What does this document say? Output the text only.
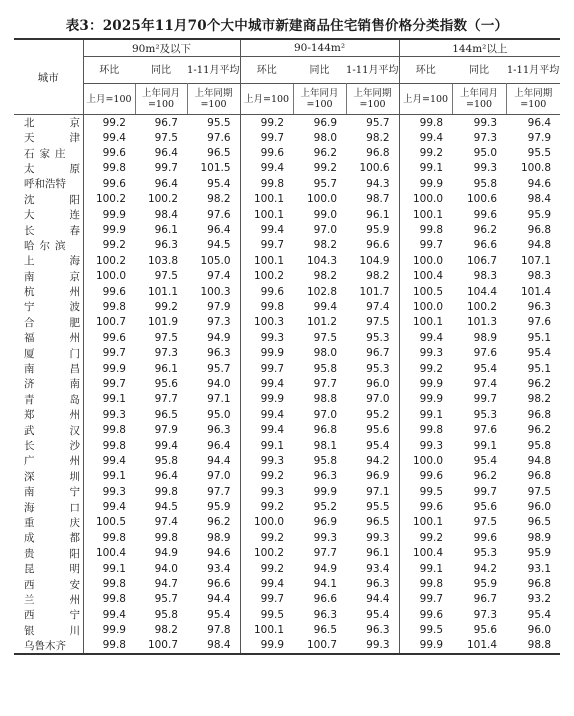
表3：2025年11月70个大中城市新建商品住宅销售价格分类指数（一）
城市	90m²及以下			90-144m²			144m²以上		
	环比	同比	1-11月平均	环比	同比	1-11月平均	环比	同比	1-11月平均
	上月=100	上年同月=100	上年同期=100	上月=100	上年同月=100	上年同期=100	上月=100	上年同月=100	上年同期=100

北 京	99.2	96.7	95.5	99.2	96.9	95.7	99.8	99.3	96.4

天 津	99.4	97.5	97.6	99.7	98.0	98.2	99.4	97.3	97.9
石家庄	99.6	96.4	96.5	99.6	96.2	96.8	99.2	95.0	95.5

太 原	99.8	99.7	101.5	99.4	99.2	100.6	99.1	99.3	100.8
呼和浩特	99.6	96.4	95.4	99.8	95.7	94.3	99.9	95.8	94.6

沈 阳	100.2	100.2	98.2	100.1	100.0	98.7	100.0	100.6	98.4

大 连	99.9	98.4	97.6	100.1	99.0	96.1	100.1	99.6	95.9

长 春	99.9	96.1	96.4	99.4	97.0	95.9	99.8	96.2	96.8
哈尔滨	99.2	96.3	94.5	99.7	98.2	96.6	99.7	96.6	94.8

上 海	100.2	103.8	105.0	100.1	104.3	104.9	100.0	106.7	107.1

南 京	100.0	97.5	97.4	100.2	98.2	98.2	100.4	98.3	98.3

杭 州	99.6	101.1	100.3	99.6	102.8	101.7	100.5	104.4	101.4

宁 波	99.8	99.2	97.9	99.8	99.4	97.4	100.0	100.2	96.3

合 肥	100.7	101.9	97.3	100.3	101.2	97.5	100.1	101.3	97.6

福 州	99.6	97.5	94.9	99.3	97.5	95.3	99.4	98.9	95.1

厦 门	99.7	97.3	96.3	99.9	98.0	96.7	99.3	97.6	95.4

南 昌	99.9	96.1	95.7	99.7	95.8	95.3	99.2	95.4	95.1

济 南	99.7	95.6	94.0	99.4	97.7	96.0	99.9	97.4	96.2

青 岛	99.1	97.7	97.1	99.9	98.8	97.0	99.9	99.7	98.2

郑 州	99.3	96.5	95.0	99.4	97.0	95.2	99.1	95.3	96.8

武 汉	99.8	97.9	96.3	99.4	96.8	95.6	99.8	97.6	96.2

长 沙	99.8	99.4	96.4	99.1	98.1	95.4	99.3	99.1	95.8

广 州	99.4	95.8	94.4	99.3	95.8	94.2	100.0	95.4	94.8

深 圳	99.1	96.4	97.0	99.2	96.3	96.9	99.6	96.2	96.8

南 宁	99.3	99.8	97.7	99.3	99.9	97.1	99.5	99.7	97.5

海 口	99.4	94.5	95.9	99.2	95.2	95.5	99.6	95.6	96.0

重 庆	100.5	97.4	96.2	100.0	96.9	96.5	100.1	97.5	96.5

成 都	99.8	99.8	98.9	99.2	99.3	99.3	99.2	99.6	98.9

贵 阳	100.4	94.9	94.6	100.2	97.7	96.1	100.4	95.3	95.9

昆 明	99.1	94.0	93.4	99.2	94.9	93.4	99.1	94.2	93.1

西 安	99.8	94.7	96.6	99.4	94.1	96.3	99.8	95.9	96.8

兰 州	99.8	95.7	94.4	99.7	96.6	94.4	99.7	96.7	93.2

西 宁	99.4	95.8	95.4	99.5	96.3	95.4	99.6	97.3	95.4

银 川	99.9	98.2	97.8	100.1	96.5	96.3	99.5	95.6	96.0
乌鲁木齐	99.8	100.7	98.4	99.9	100.7	99.3	99.9	101.4	98.8
